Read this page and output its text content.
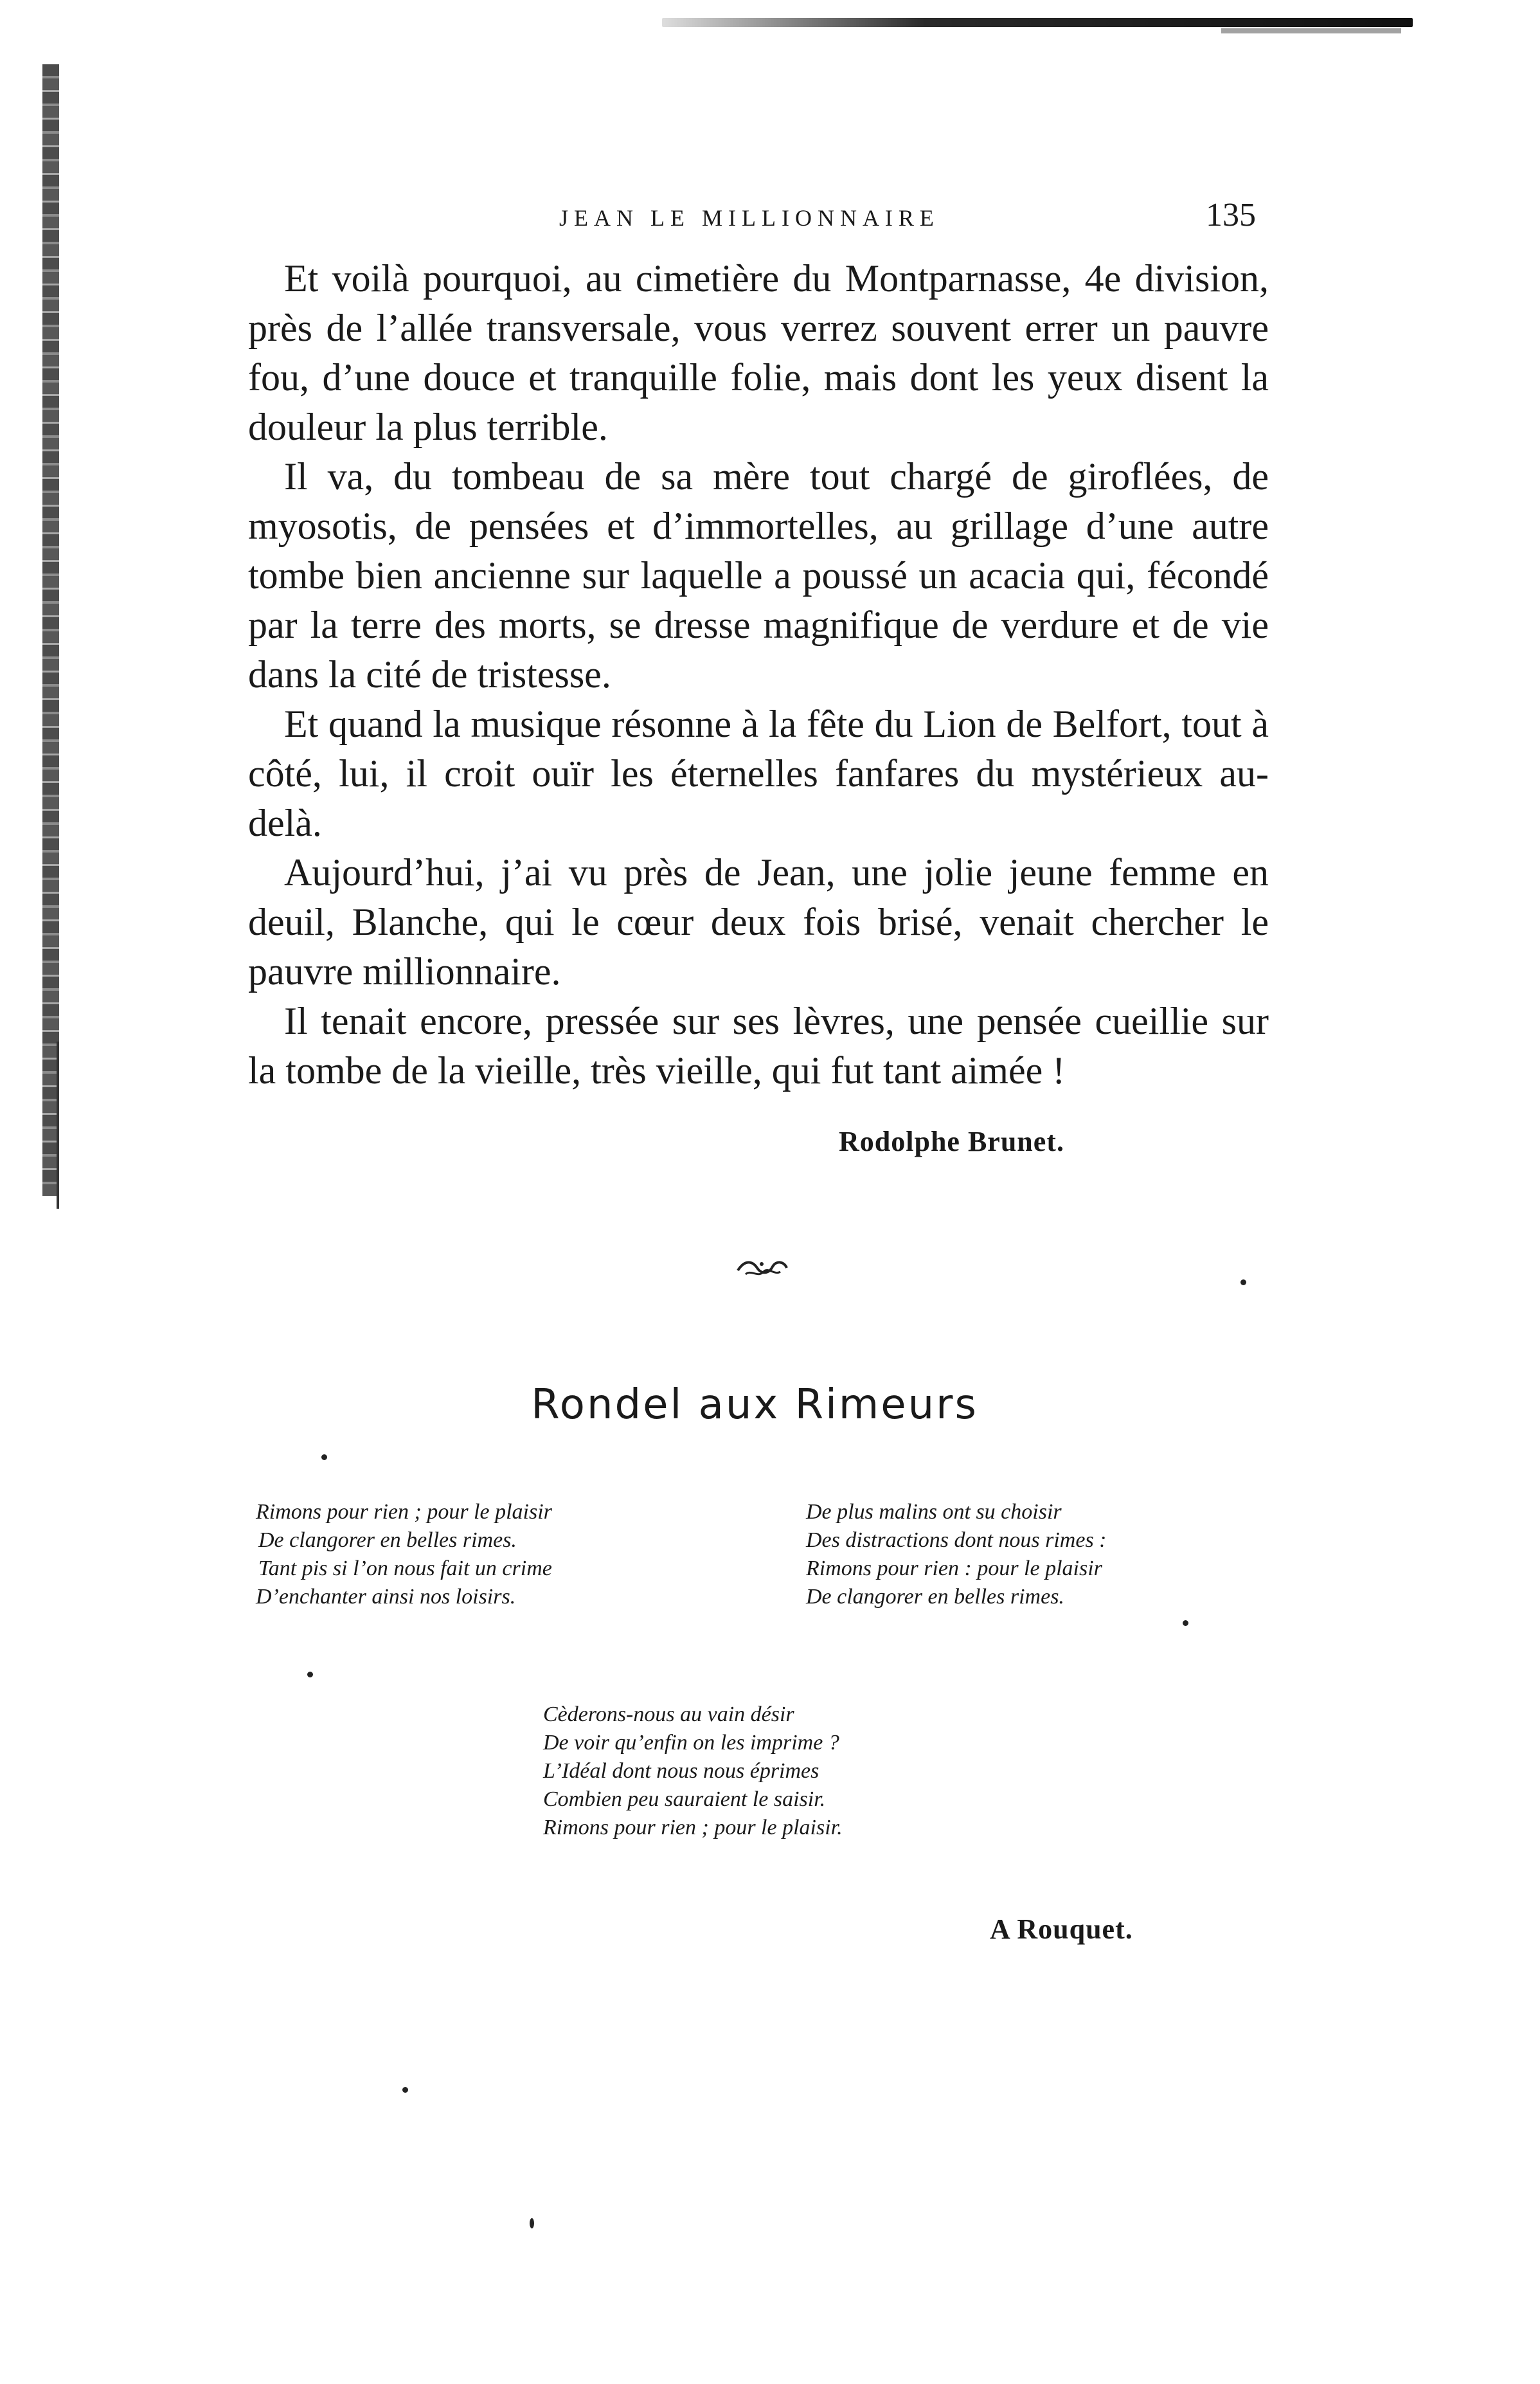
JEAN LE MILLIONNAIRE	135

Et voilà pourquoi, au cimetière du Montparnasse, 4e division, près de l’allée transversale, vous verrez souvent errer un pauvre fou, d’une douce et tranquille folie, mais dont les yeux disent la douleur la plus terrible.

Il va, du tombeau de sa mère tout chargé de giroflées, de myosotis, de pensées et d’immortelles, au grillage d’une autre tombe bien ancienne sur laquelle a poussé un acacia qui, fécondé par la terre des morts, se dresse magnifique de verdure et de vie dans la cité de tristesse.

Et quand la musique résonne à la fête du Lion de Belfort, tout à côté, lui, il croit ouïr les éternelles fanfares du mystérieux au-delà.

Aujourd’hui, j’ai vu près de Jean, une jolie jeune femme en deuil, Blanche, qui le cœur deux fois brisé, venait chercher le pauvre millionnaire.

Il tenait encore, pressée sur ses lèvres, une pensée cueillie sur la tombe de la vieille, très vieille, qui fut tant aimée !

Rodolphe Brunet.
Rondel aux Rimeurs
Rimons pour rien ; pour le plaisir
De clangorer en belles rimes.
Tant pis si l’on nous fait un crime
D’enchanter ainsi nos loisirs.
De plus malins ont su choisir
Des distractions dont nous rimes :
Rimons pour rien : pour le plaisir
De clangorer en belles rimes.
Cèderons-nous au vain désir
De voir qu’enfin on les imprime ?
L’Idéal dont nous nous éprimes
Combien peu sauraient le saisir.
Rimons pour rien ; pour le plaisir.
A Rouquet.
